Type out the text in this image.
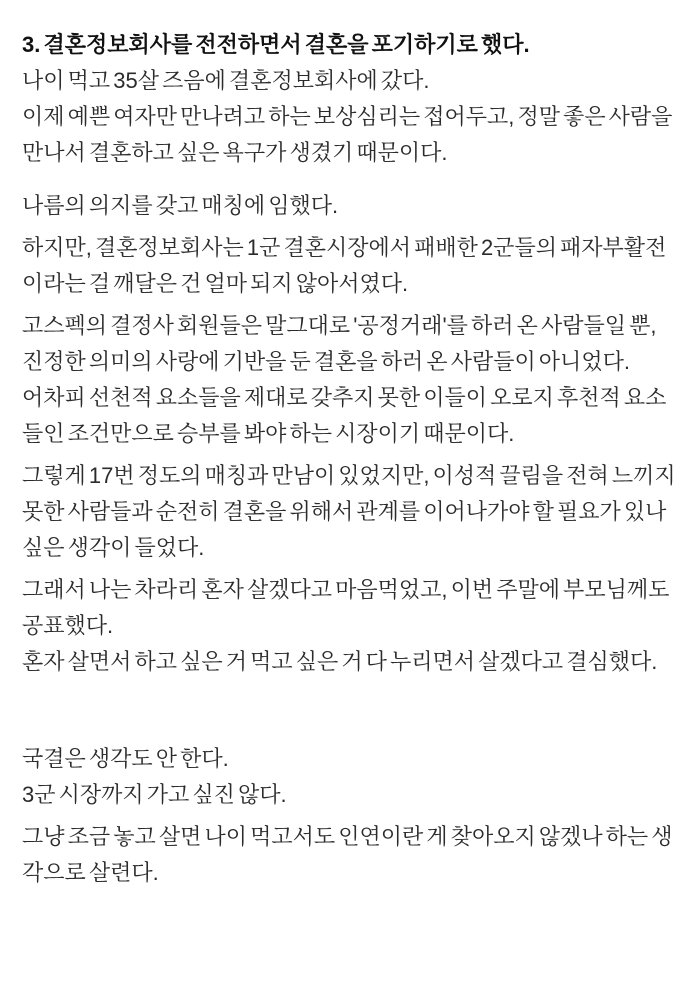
3. 결혼정보회사를 전전하면서 결혼을 포기하기로 했다.

나이 먹고 35살 즈음에 결혼정보회사에 갔다.

이제 예쁜 여자만 만나려고 하는 보상심리는 접어두고, 정말 좋은 사람을 만나서 결혼하고 싶은 욕구가 생겼기 때문이다.

나름의 의지를 갖고 매칭에 임했다.

하지만, 결혼정보회사는 1군 결혼시장에서 패배한 2군들의 패자부활전이라는 걸 깨달은 건 얼마 되지 않아서였다.

고스펙의 결정사 회원들은 말그대로 '공정거래'를 하러 온 사람들일 뿐, 진정한 의미의 사랑에 기반을 둔 결혼을 하러 온 사람들이 아니었다.

어차피 선천적 요소들을 제대로 갖추지 못한 이들이 오로지 후천적 요소들인 조건만으로 승부를 봐야 하는 시장이기 때문이다.

그렇게 17번 정도의 매칭과 만남이 있었지만, 이성적 끌림을 전혀 느끼지 못한 사람들과 순전히 결혼을 위해서 관계를 이어나가야 할 필요가 있나 싶은 생각이 들었다.

그래서 나는 차라리 혼자 살겠다고 마음먹었고, 이번 주말에 부모님께도 공표했다.

혼자 살면서 하고 싶은 거 먹고 싶은 거 다 누리면서 살겠다고 결심했다.

국결은 생각도 안 한다.

3군 시장까지 가고 싶진 않다.

그냥 조금 놓고 살면 나이 먹고서도 인연이란 게 찾아오지 않겠나 하는 생각으로 살련다.
